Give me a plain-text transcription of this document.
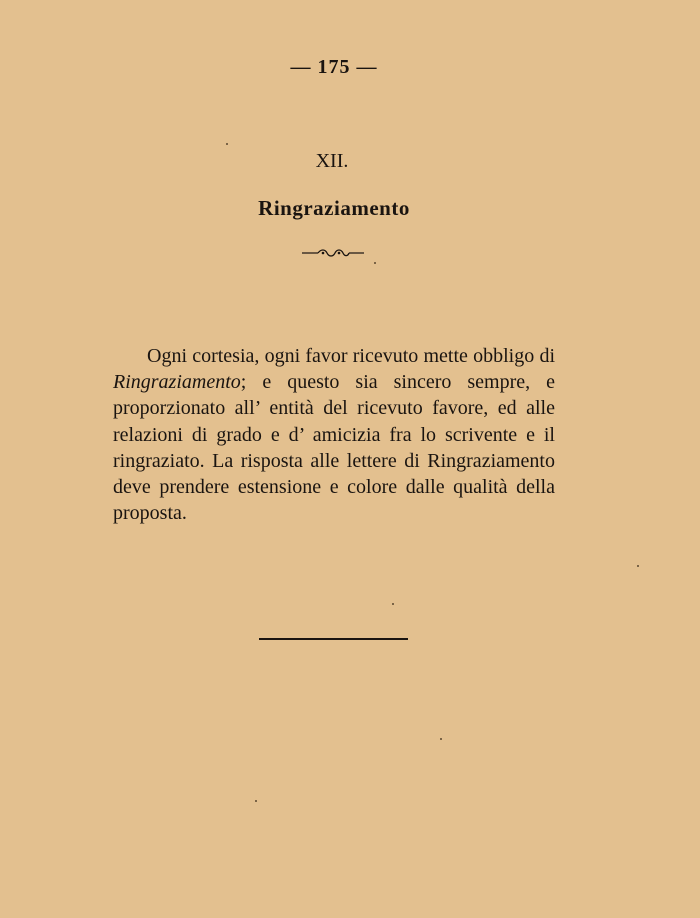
— 175 —
XII.
Ringraziamento

Ogni cortesia, ogni favor ricevuto mette obbligo di Ringraziamento; e questo sia sincero sempre, e proporzionato all’ entità del ricevuto favore, ed alle relazioni di grado e d’ amicizia fra lo scrivente e il ringraziato. La risposta alle lettere di Ringraziamento deve prendere estensione e colore dalle qualità della proposta.
